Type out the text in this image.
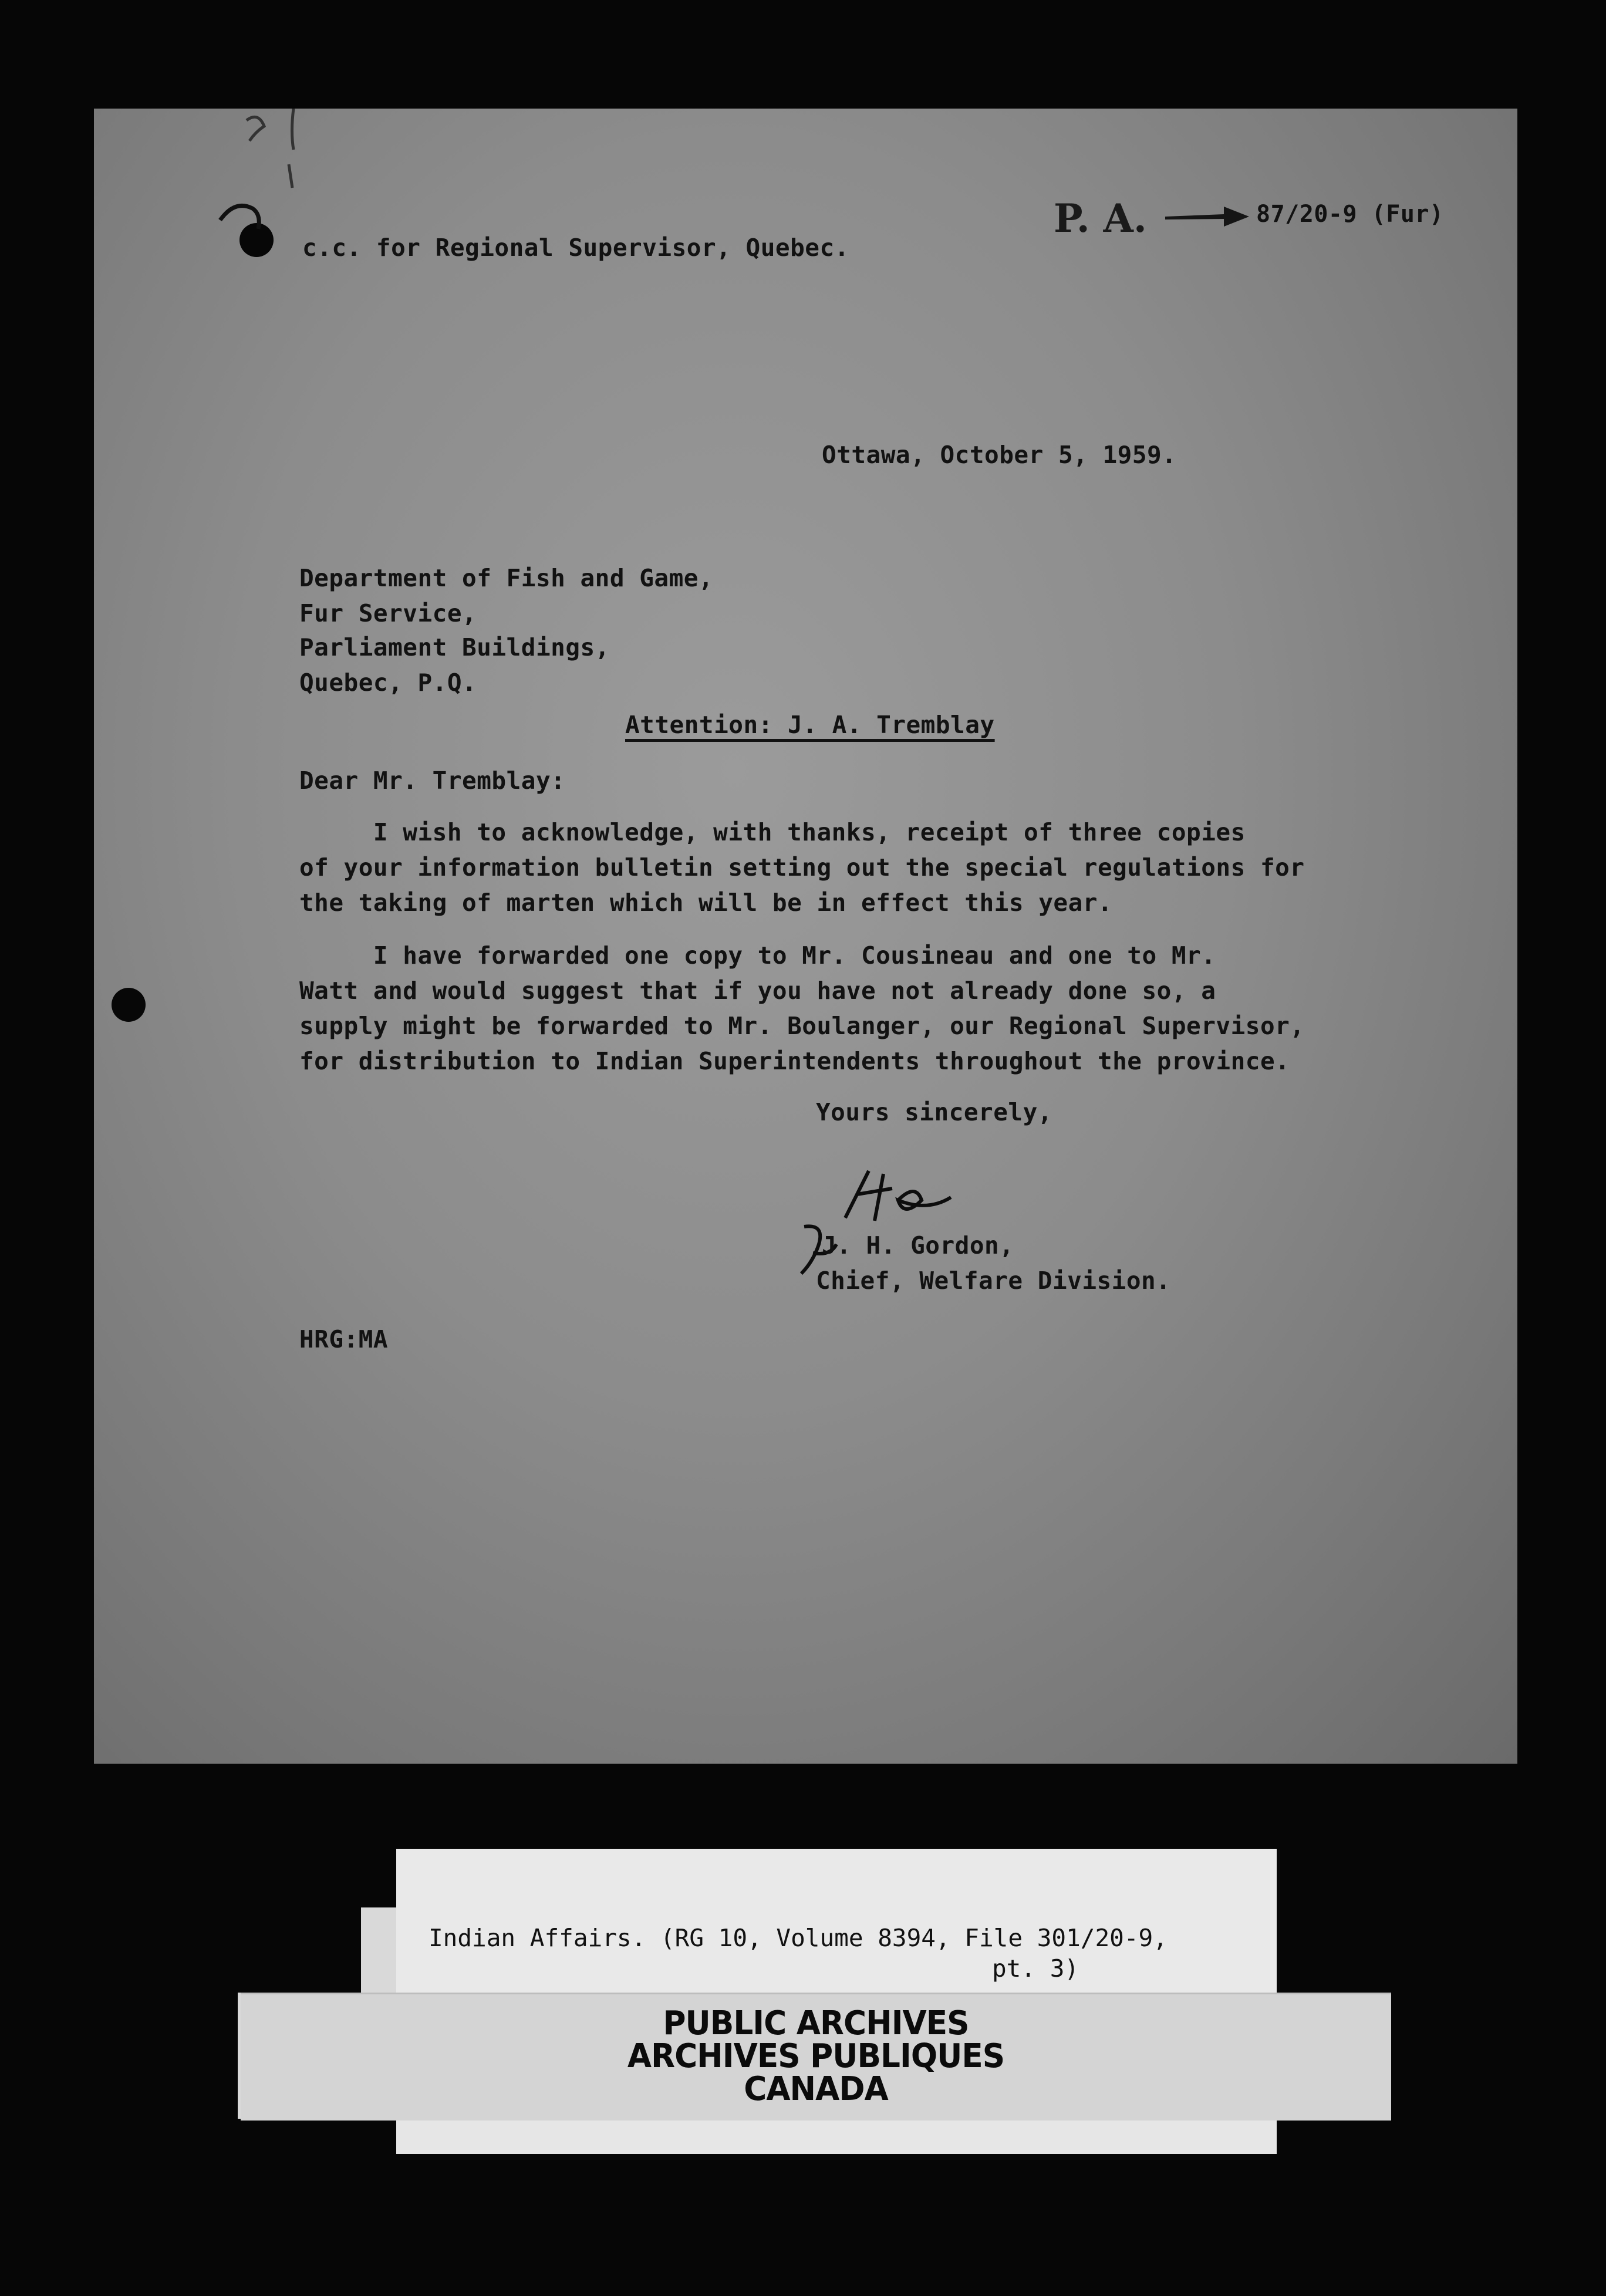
c.c. for Regional Supervisor, Quebec.
P. A.	87/20-9 (Fur)
Ottawa, October 5, 1959.
Department of Fish and Game,
Fur Service,
Parliament Buildings,
Quebec, P.Q.
Attention: J. A. Tremblay
Dear Mr. Tremblay:
I wish to acknowledge, with thanks, receipt of three copies
of your information bulletin setting out the special regulations for
the taking of marten which will be in effect this year.
I have forwarded one copy to Mr. Cousineau and one to Mr.
Watt and would suggest that if you have not already done so, a
supply might be forwarded to Mr. Boulanger, our Regional Supervisor,
for distribution to Indian Superintendents throughout the province.
Yours sincerely,
J. H. Gordon,
Chief, Welfare Division.
HRG:MA
Indian Affairs. (RG 10, Volume 8394, File 301/20-9,
pt. 3)
PUBLIC ARCHIVES
ARCHIVES PUBLIQUES
CANADA
